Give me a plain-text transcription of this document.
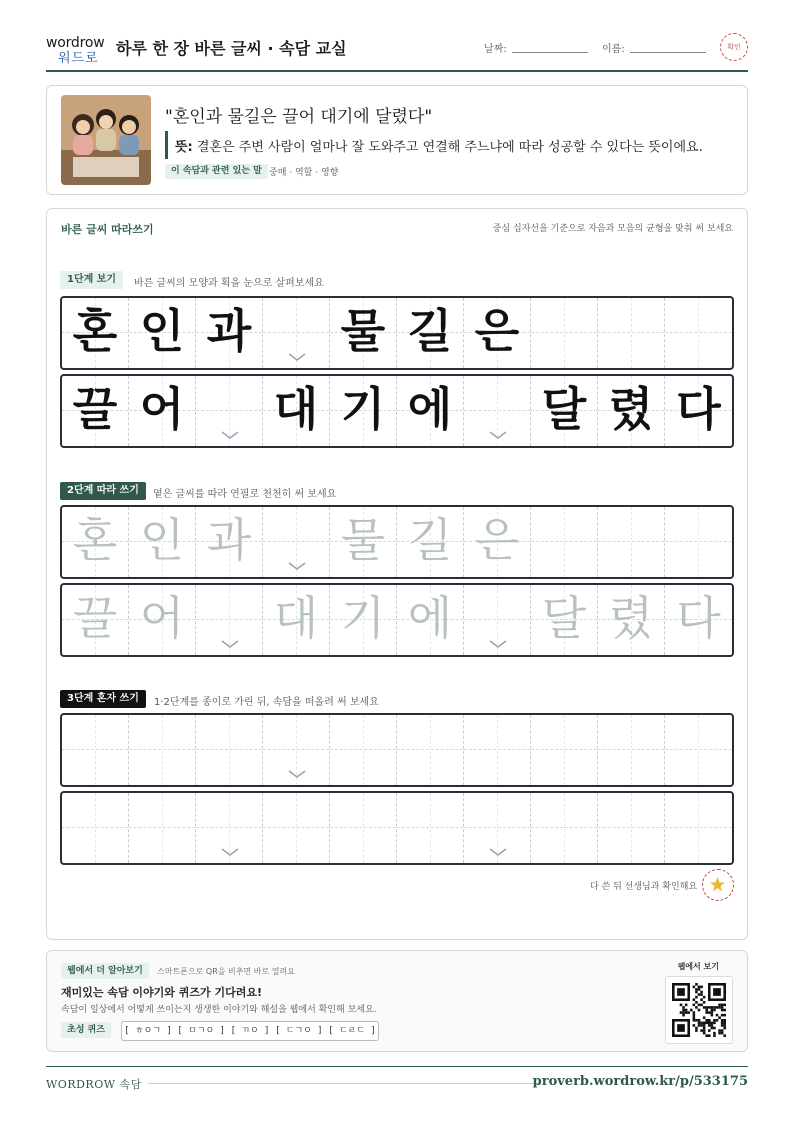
wordrow
워드로
하루 한 장 바른 글씨 · 속담 교실	날짜:	이름:	확인
"혼인과 물길은 끌어 대기에 달렸다"
뜻: 결혼은 주변 사람이 얼마나 잘 도와주고 연결해 주느냐에 따라 성공할 수 있다는 뜻이에요.
이 속담과 관련 있는 말 중매 · 역할 · 영향
바른 글씨 따라쓰기	중심 십자선을 기준으로 자음과 모음의 균형을 맞춰 써 보세요
1단계 보기	바른 글씨의 모양과 획을 눈으로 살펴보세요
2단계 따라 쓰기	옅은 글씨를 따라 연필로 천천히 써 보세요
3단계 혼자 쓰기	1·2단계를 종이로 가린 뒤, 속담을 떠올려 써 보세요
혼 인 과 물 길 은
끌 어 대 기 에 달 렸 다
혼 인 과 물 길 은
끌 어 대 기 에 달 렸 다
다 쓴 뒤 선생님과 확인해요
웹에서 더 알아보기	스마트폰으로 QR을 비추면 바로 열려요
재미있는 속담 이야기와 퀴즈가 기다려요!
속담이 일상에서 어떻게 쓰이는지 생생한 이야기와 해설을 웹에서 확인해 보세요.
초성 퀴즈	[ ㅎㅇㄱ ] [ ㅁㄱㅇ ] [ ㄲㅇ ] [ ㄷㄱㅇ ] [ ㄷㄹㄷ ]
웹에서 보기
WORDROW 속담	proverb.wordrow.kr/p/533175
